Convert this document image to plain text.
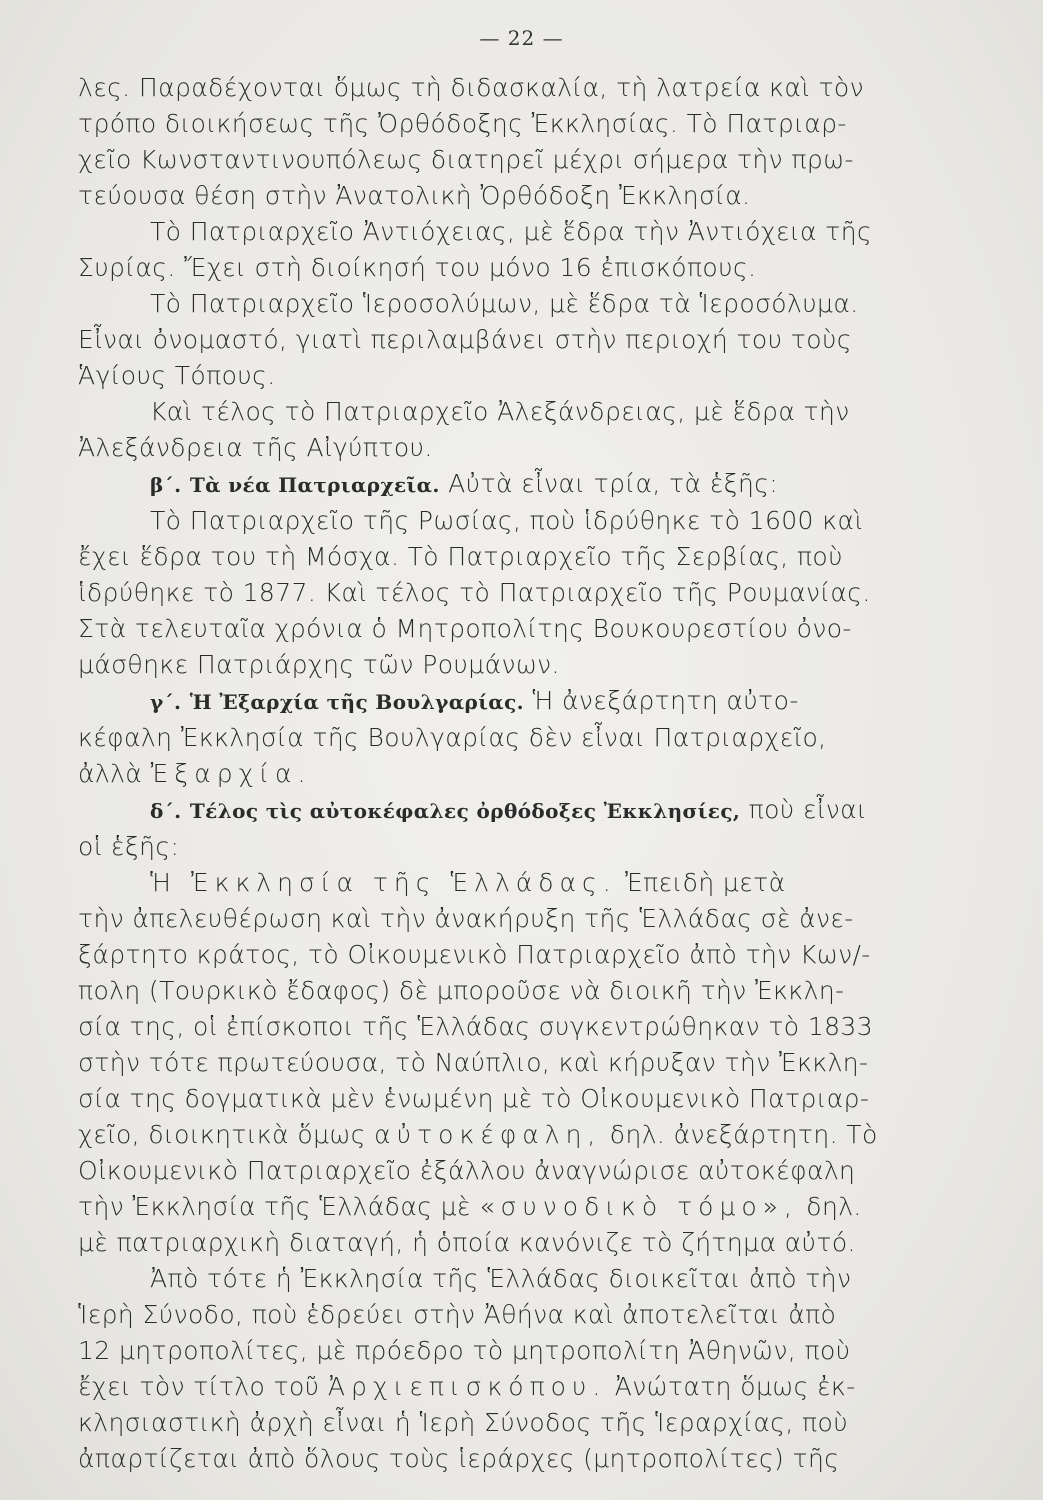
— 22 —
λες. Παραδέχονται ὅμως τὴ διδασκαλία, τὴ λατρεία καὶ τὸν
τρόπο διοικήσεως τῆς Ὀρθόδοξης Ἐκκλησίας. Τὸ Πατριαρ-
χεῖο Κωνσταντινουπόλεως διατηρεῖ μέχρι σήμερα τὴν πρω-
τεύουσα θέση στὴν Ἀνατολικὴ Ὀρθόδοξη Ἐκκλησία.
Τὸ Πατριαρχεῖο Ἀντιόχειας, μὲ ἕδρα τὴν Ἀντιόχεια τῆς
Συρίας. Ἔχει στὴ διοίκησή του μόνο 16 ἐπισκόπους.
Τὸ Πατριαρχεῖο Ἱεροσολύμων, μὲ ἕδρα τὰ Ἱεροσόλυμα.
Εἶναι ὀνομαστό, γιατὶ περιλαμβάνει στὴν περιοχή του τοὺς
Ἁγίους Τόπους.
Καὶ τέλος τὸ Πατριαρχεῖο Ἀλεξάνδρειας, μὲ ἕδρα τὴν
Ἀλεξάνδρεια τῆς Αἰγύπτου.
β΄. Τὰ νέα Πατριαρχεῖα. Αὐτὰ εἶναι τρία, τὰ ἑξῆς:
Τὸ Πατριαρχεῖο τῆς Ρωσίας, ποὺ ἱδρύθηκε τὸ 1600 καὶ
ἔχει ἕδρα του τὴ Μόσχα. Τὸ Πατριαρχεῖο τῆς Σερβίας, ποὺ
ἱδρύθηκε τὸ 1877. Καὶ τέλος τὸ Πατριαρχεῖο τῆς Ρουμανίας.
Στὰ τελευταῖα χρόνια ὁ Μητροπολίτης Βουκουρεστίου ὀνο-
μάσθηκε Πατριάρχης τῶν Ρουμάνων.
γ΄. Ἡ Ἐξαρχία τῆς Βουλγαρίας. Ἡ ἀνεξάρτητη αὐτο-
κέφαλη Ἐκκλησία τῆς Βουλγαρίας δὲν εἶναι Πατριαρχεῖο,
ἀλλὰ Ἐξαρχία.
δ΄. Τέλος τὶς αὐτοκέφαλες ὀρθόδοξες Ἐκκλησίες, ποὺ εἶναι
οἱ ἑξῆς:
Ἡ Ἐκκλησία τῆς Ἑλλάδας. Ἐπειδὴ μετὰ
τὴν ἀπελευθέρωση καὶ τὴν ἀνακήρυξη τῆς Ἑλλάδας σὲ ἀνε-
ξάρτητο κράτος, τὸ Οἰκουμενικὸ Πατριαρχεῖο ἀπὸ τὴν Κων/-
πολη (Τουρκικὸ ἔδαφος) δὲ μποροῦσε νὰ διοικῆ τὴν Ἐκκλη-
σία της, οἱ ἐπίσκοποι τῆς Ἑλλάδας συγκεντρώθηκαν τὸ 1833
στὴν τότε πρωτεύουσα, τὸ Ναύπλιο, καὶ κήρυξαν τὴν Ἐκκλη-
σία της δογματικὰ μὲν ἑνωμένη μὲ τὸ Οἰκουμενικὸ Πατριαρ-
χεῖο, διοικητικὰ ὅμως αὐτοκέφαλη, δηλ. ἀνεξάρτητη. Τὸ
Οἰκουμενικὸ Πατριαρχεῖο ἐξάλλου ἀναγνώρισε αὐτοκέφαλη
τὴν Ἐκκλησία τῆς Ἑλλάδας μὲ «συνοδικὸ τόμο», δηλ.
μὲ πατριαρχικὴ διαταγή, ἡ ὁποία κανόνιζε τὸ ζήτημα αὐτό.
Ἀπὸ τότε ἡ Ἐκκλησία τῆς Ἑλλάδας διοικεῖται ἀπὸ τὴν
Ἱερὴ Σύνοδο, ποὺ ἑδρεύει στὴν Ἀθήνα καὶ ἀποτελεῖται ἀπὸ
12 μητροπολίτες, μὲ πρόεδρο τὸ μητροπολίτη Ἀθηνῶν, ποὺ
ἔχει τὸν τίτλο τοῦ Ἀρχιεπισκόπου. Ἀνώτατη ὅμως ἐκ-
κλησιαστικὴ ἀρχὴ εἶναι ἡ Ἱερὴ Σύνοδος τῆς Ἱεραρχίας, ποὺ
ἀπαρτίζεται ἀπὸ ὅλους τοὺς ἱεράρχες (μητροπολίτες) τῆς
